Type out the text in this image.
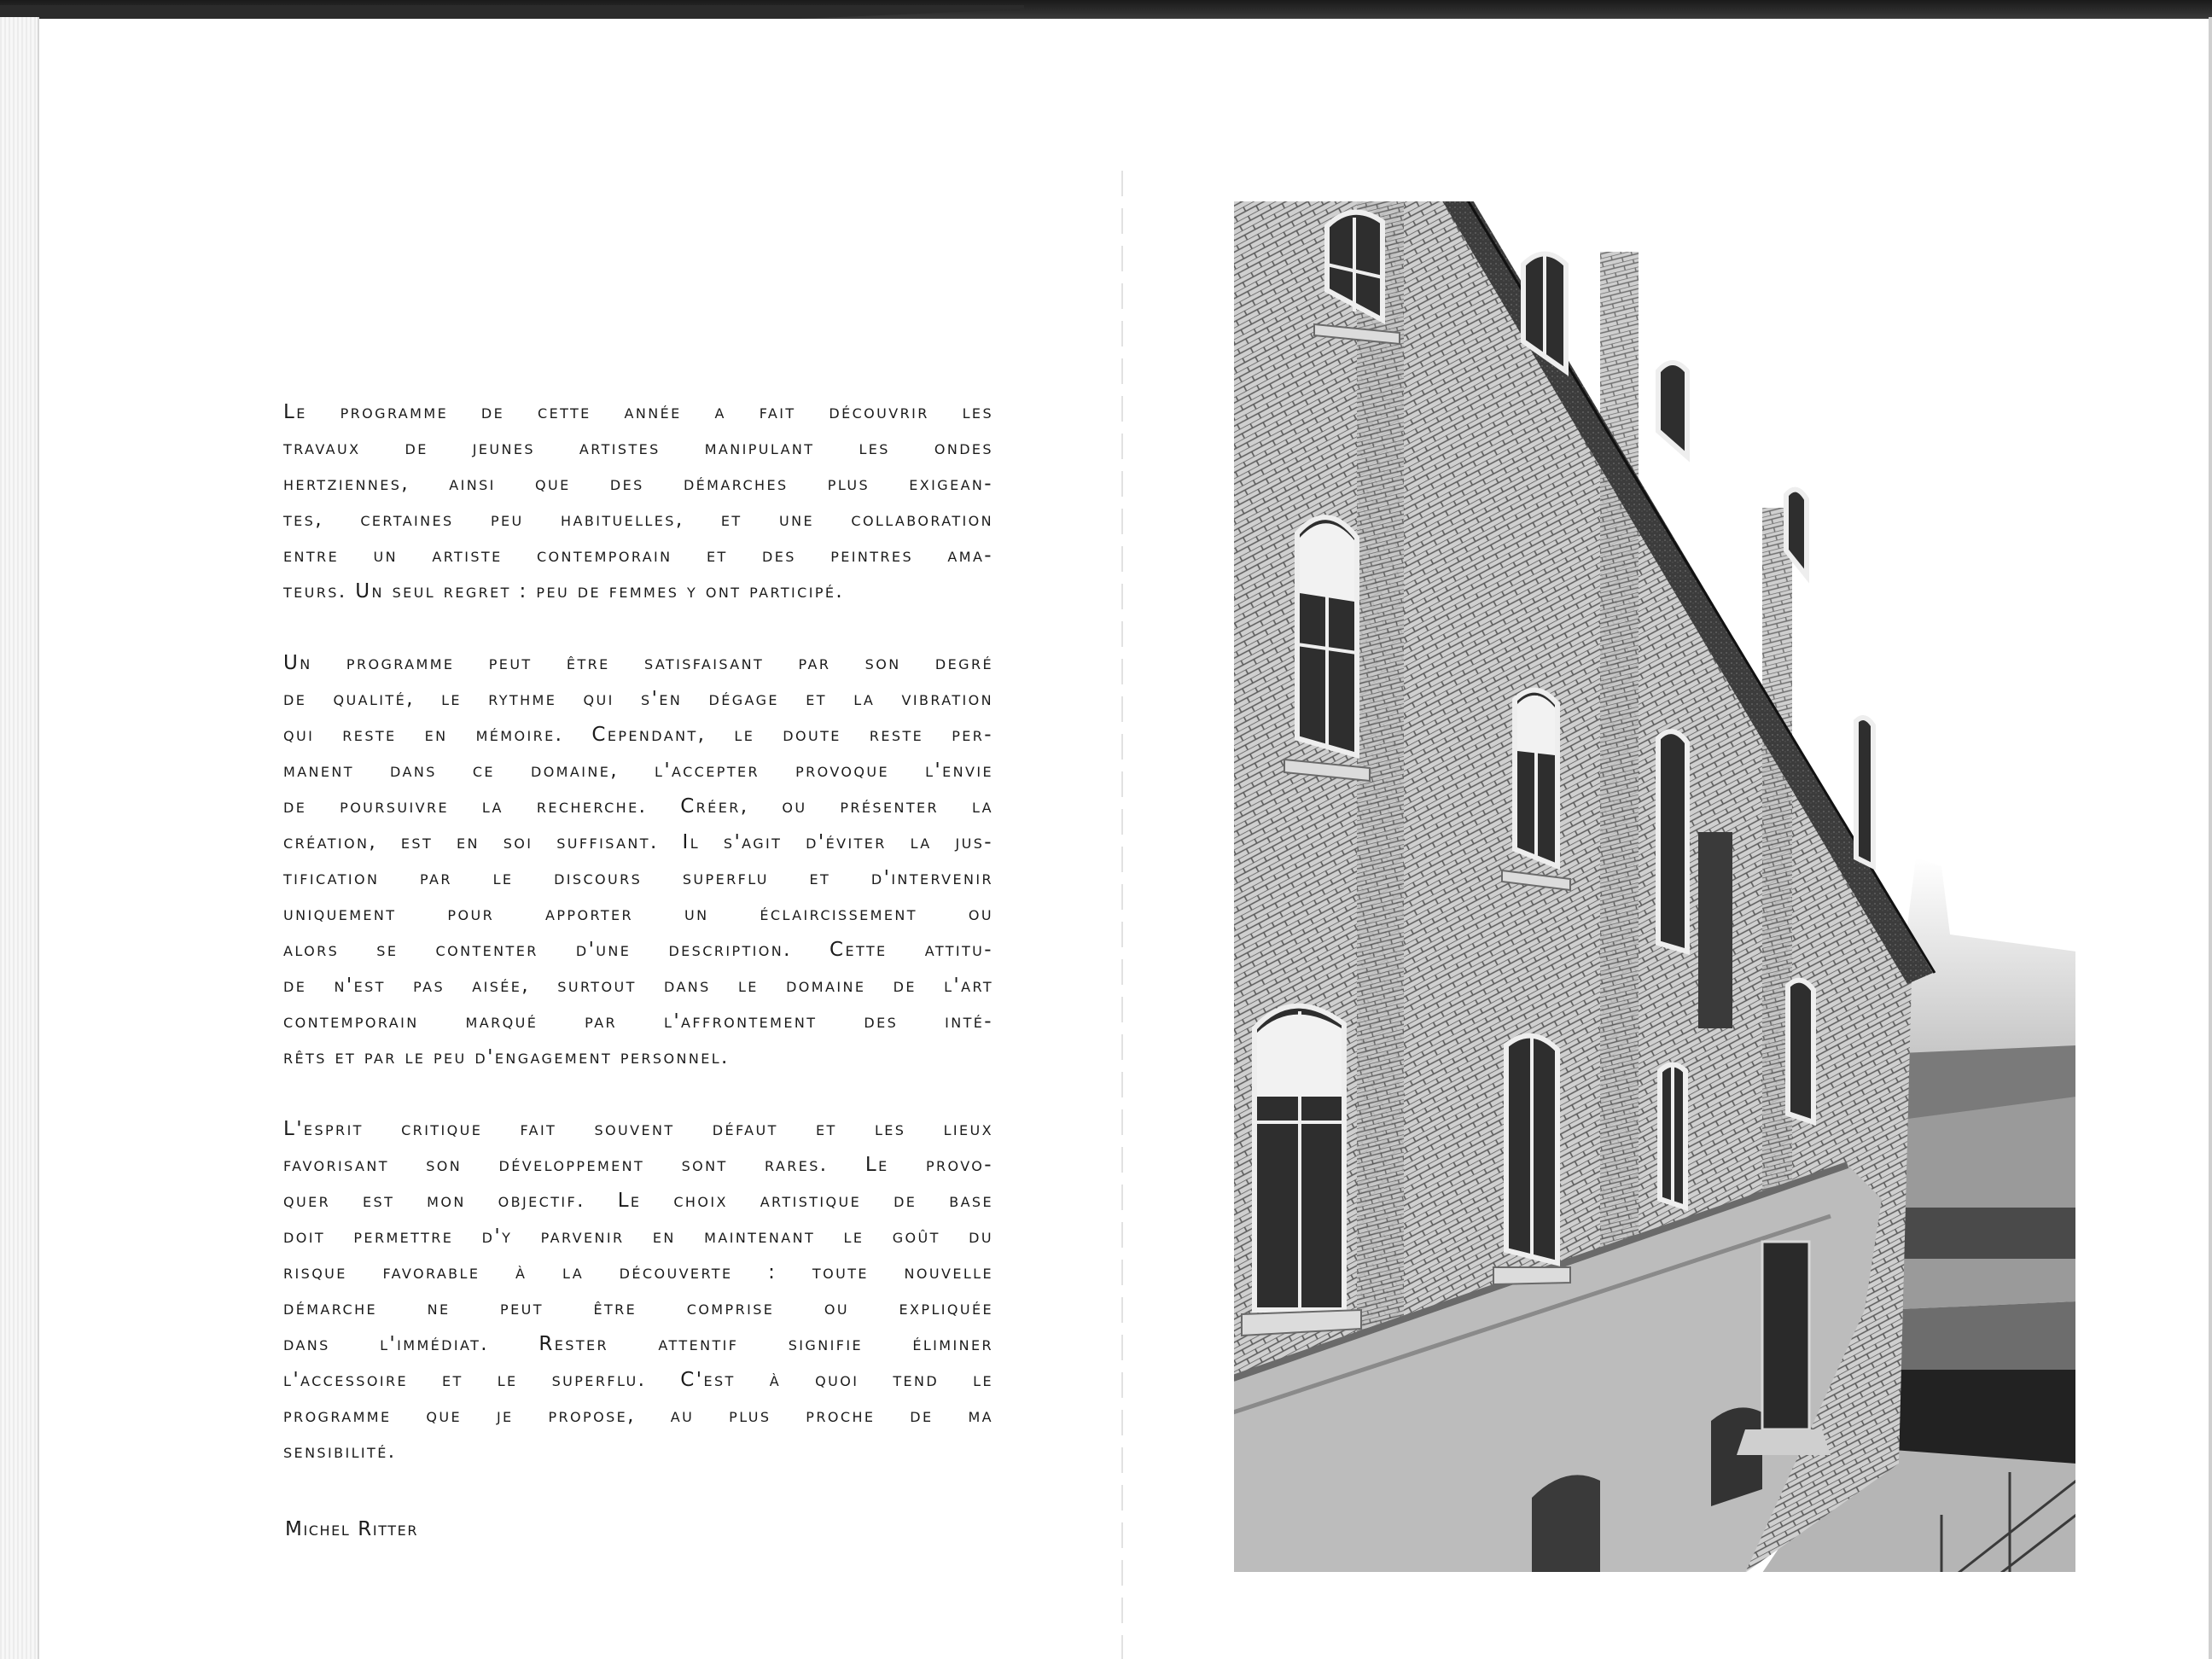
Le programme de cette année a fait découvrir les
travaux de jeunes artistes manipulant les ondes
hertziennes, ainsi que des démarches plus exigean-
tes, certaines peu habituelles, et une collaboration
entre un artiste contemporain et des peintres ama-
teurs. Un seul regret : peu de femmes y ont participé.

Un programme peut être satisfaisant par son degré
de qualité, le rythme qui s'en dégage et la vibration
qui reste en mémoire. Cependant, le doute reste per-
manent dans ce domaine, l'accepter provoque l'envie
de poursuivre la recherche. Créer, ou présenter la
création, est en soi suffisant. Il s'agit d'éviter la jus-
tification par le discours superflu et d'intervenir
uniquement pour apporter un éclaircissement ou
alors se contenter d'une description. Cette attitu-
de n'est pas aisée, surtout dans le domaine de l'art
contemporain marqué par l'affrontement des inté-
rêts et par le peu d'engagement personnel.

L'esprit critique fait souvent défaut et les lieux
favorisant son développement sont rares. Le provo-
quer est mon objectif. Le choix artistique de base
doit permettre d'y parvenir en maintenant le goût du
risque favorable à la découverte : toute nouvelle
démarche ne peut être comprise ou expliquée
dans l'immédiat. Rester attentif signifie éliminer
l'accessoire et le superflu. C'est à quoi tend le
programme que je propose, au plus proche de ma
sensibilité.

Michel Ritter
